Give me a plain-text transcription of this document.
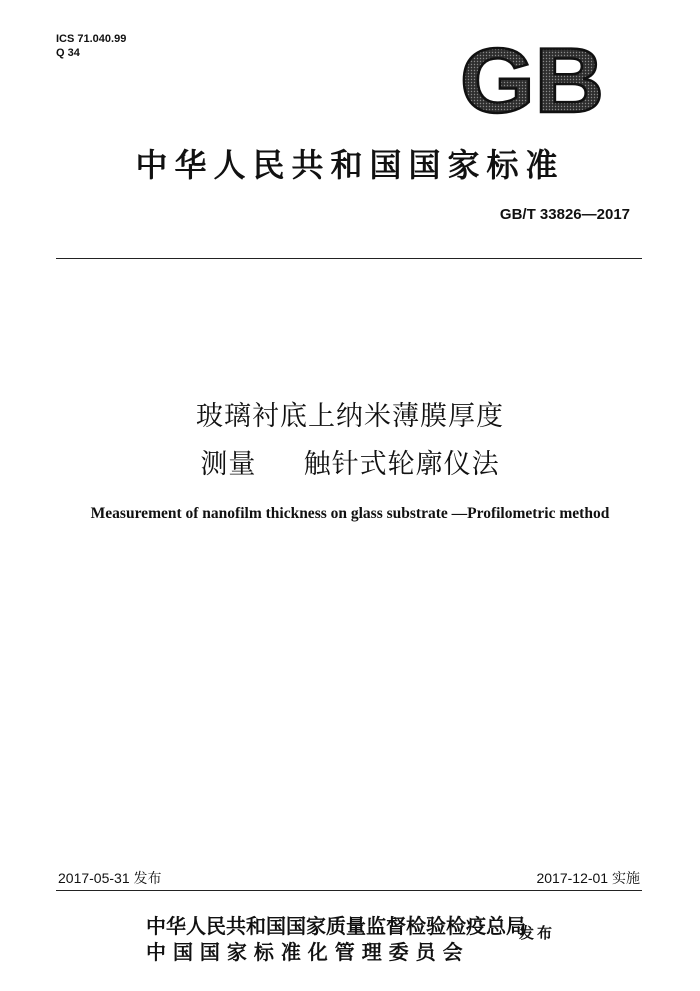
ICS 71.040.99
Q 34	GB
中华人民共和国国家标准
GB/T 33826—2017
玻璃衬底上纳米薄膜厚度
测量 触针式轮廓仪法
Measurement of nanofilm thickness on glass substrate —Profilometric method
2017-05-31 发布	2017-12-01 实施
中华人民共和国国家质量监督检验检疫总局
中 国 国 家 标 准 化 管 理 委 员 会
发布
